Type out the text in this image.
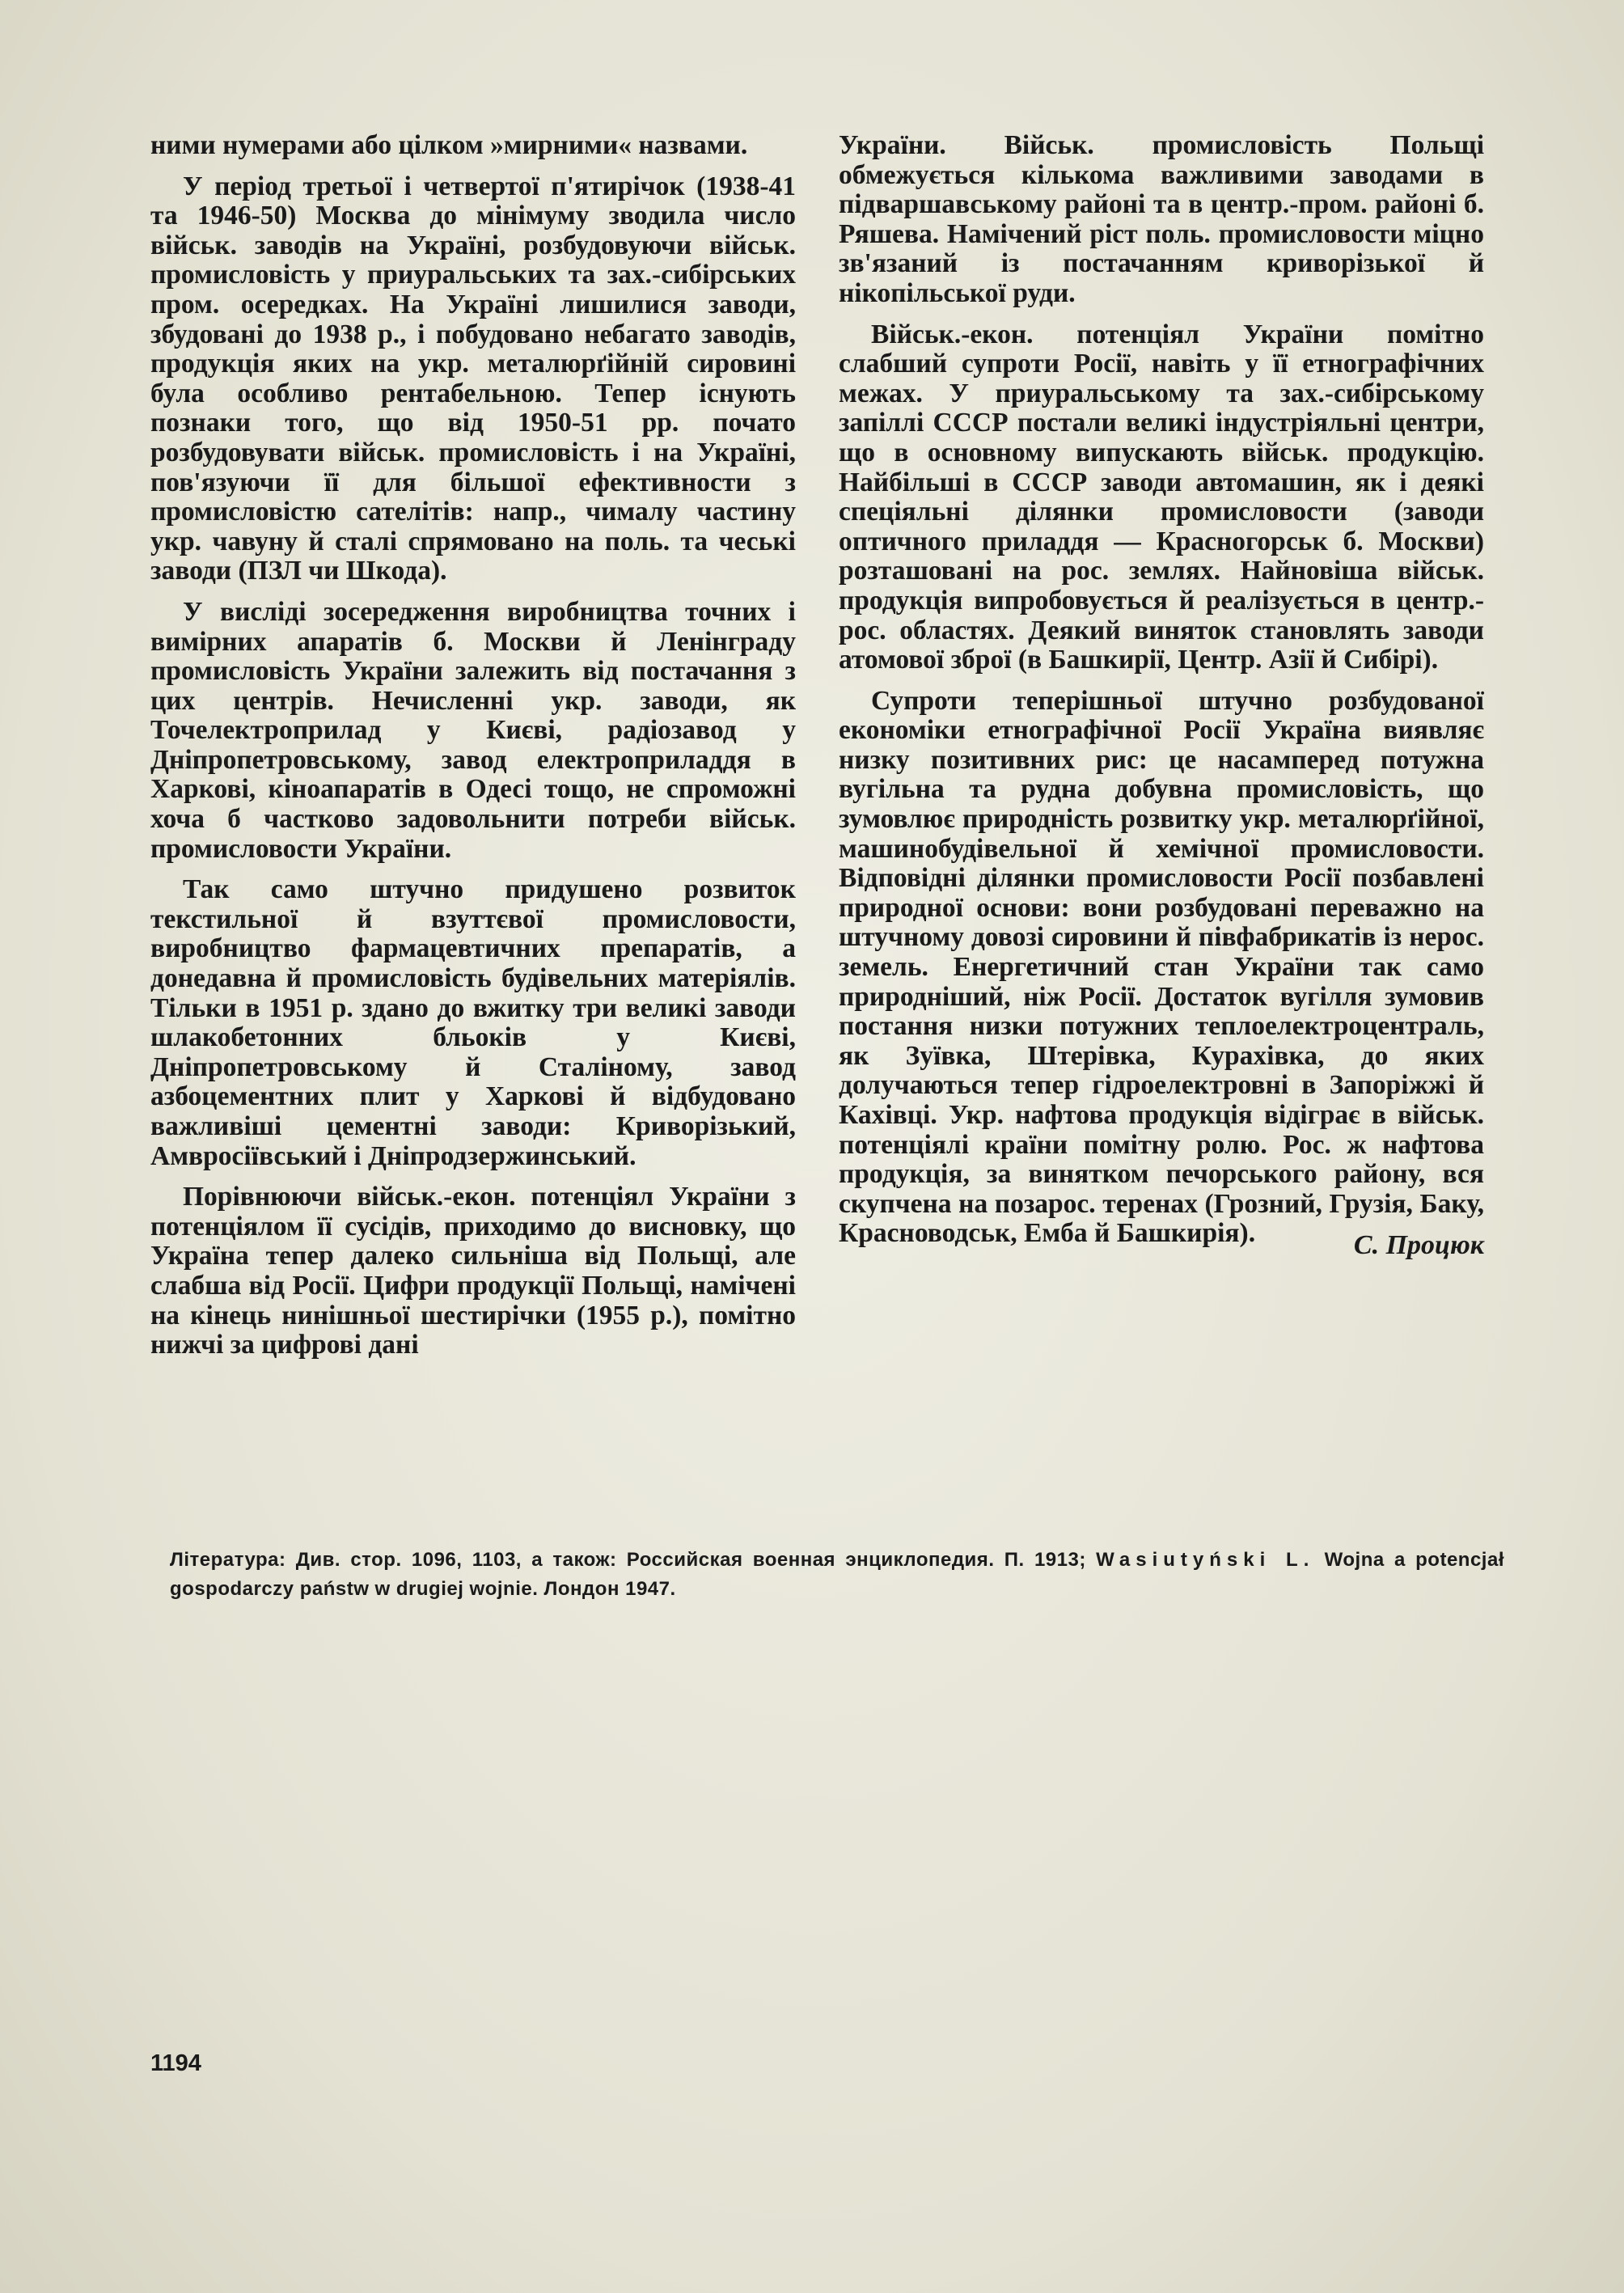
ними нумерами або цілком »мирними« назвами.

У період третьої і четвертої п'ятирічок (1938-41 та 1946-50) Москва до мінімуму зводила число військ. заводів на Україні, розбудовуючи військ. промисловість у приуральських та зах.-сибірських пром. осередках. На Україні лишилися заводи, збудовані до 1938 р., і побудовано небагато заводів, продукція яких на укр. металюрґійній сировині була особливо рентабельною. Тепер існують познаки того, що від 1950-51 рр. почато розбудовувати військ. промисловість і на Україні, пов'язуючи її для більшої ефективности з промисловістю сателітів: напр., чималу частину укр. чавуну й сталі спрямовано на поль. та чеські заводи (ПЗЛ чи Шкода).

У висліді зосередження виробництва точних і вимірних апаратів б. Москви й Ленінграду промисловість України залежить від постачання з цих центрів. Нечисленні укр. заводи, як Точелектроприлад у Києві, радіозавод у Дніпропетровському, завод електроприладдя в Харкові, кіноапаратів в Одесі тощо, не спроможні хоча б частково задовольнити потреби військ. промисловости України.

Так само штучно придушено розвиток текстильної й взуттєвої промисловости, виробництво фармацевтичних препаратів, а донедавна й промисловість будівельних матеріялів. Тільки в 1951 р. здано до вжитку три великі заводи шлакобетонних бльоків у Києві, Дніпропетровському й Сталіному, завод азбоцементних плит у Харкові й відбудовано важливіші цементні заводи: Криворізький, Амвросіївський і Дніпродзержинський.

Порівнюючи військ.-екон. потенціял України з потенціялом її сусідів, приходимо до висновку, що Україна тепер далеко сильніша від Польщі, але слабша від Росії. Цифри продукції Польщі, намічені на кінець нинішньої шестирічки (1955 р.), помітно нижчі за цифрові дані

України. Військ. промисловість Польщі обмежується кількома важливими заводами в підваршавському районі та в центр.-пром. районі б. Ряшева. Намічений ріст поль. промисловости міцно зв'язаний із постачанням криворізької й нікопільської руди.

Військ.-екон. потенціял України помітно слабший супроти Росії, навіть у її етнографічних межах. У приуральському та зах.-сибірському запіллі СССР постали великі індустріяльні центри, що в основному випускають військ. продукцію. Найбільші в СССР заводи автомашин, як і деякі спеціяльні ділянки промисловости (заводи оптичного приладдя — Красногорськ б. Москви) розташовані на рос. землях. Найновіша військ. продукція випробовується й реалізується в центр.-рос. областях. Деякий виняток становлять заводи атомової зброї (в Башкирії, Центр. Азії й Сибірі).

Супроти теперішньої штучно розбудованої економіки етнографічної Росії Україна виявляє низку позитивних рис: це насамперед потужна вугільна та рудна добувна промисловість, що зумовлює природність розвитку укр. металюрґійної, машинобудівельної й хемічної промисловости. Відповідні ділянки промисловости Росії позбавлені природної основи: вони розбудовані переважно на штучному довозі сировини й півфабрикатів із нерос. земель. Енергетичний стан України так само природніший, ніж Росії. Достаток вугілля зумовив постання низки потужних теплоелектроцентраль, як Зуївка, Штерівка, Курахівка, до яких долучаються тепер гідроелектровні в Запоріжжі й Кахівці. Укр. нафтова продукція відіграє в військ. потенціялі країни помітну ролю. Рос. ж нафтова продукція, за винятком печорського району, вся скупчена на позарос. теренах (Грозний, Грузія, Баку, Красноводськ, Емба й Башкирія).	С. Процюк
Література: Див. стор. 1096, 1103, а також: Российская военная энциклопедия. П. 1913; Wasiutyński L. Wojna a potencjał gospodarczy państw w drugiej wojnie. Лондон 1947.
1194
